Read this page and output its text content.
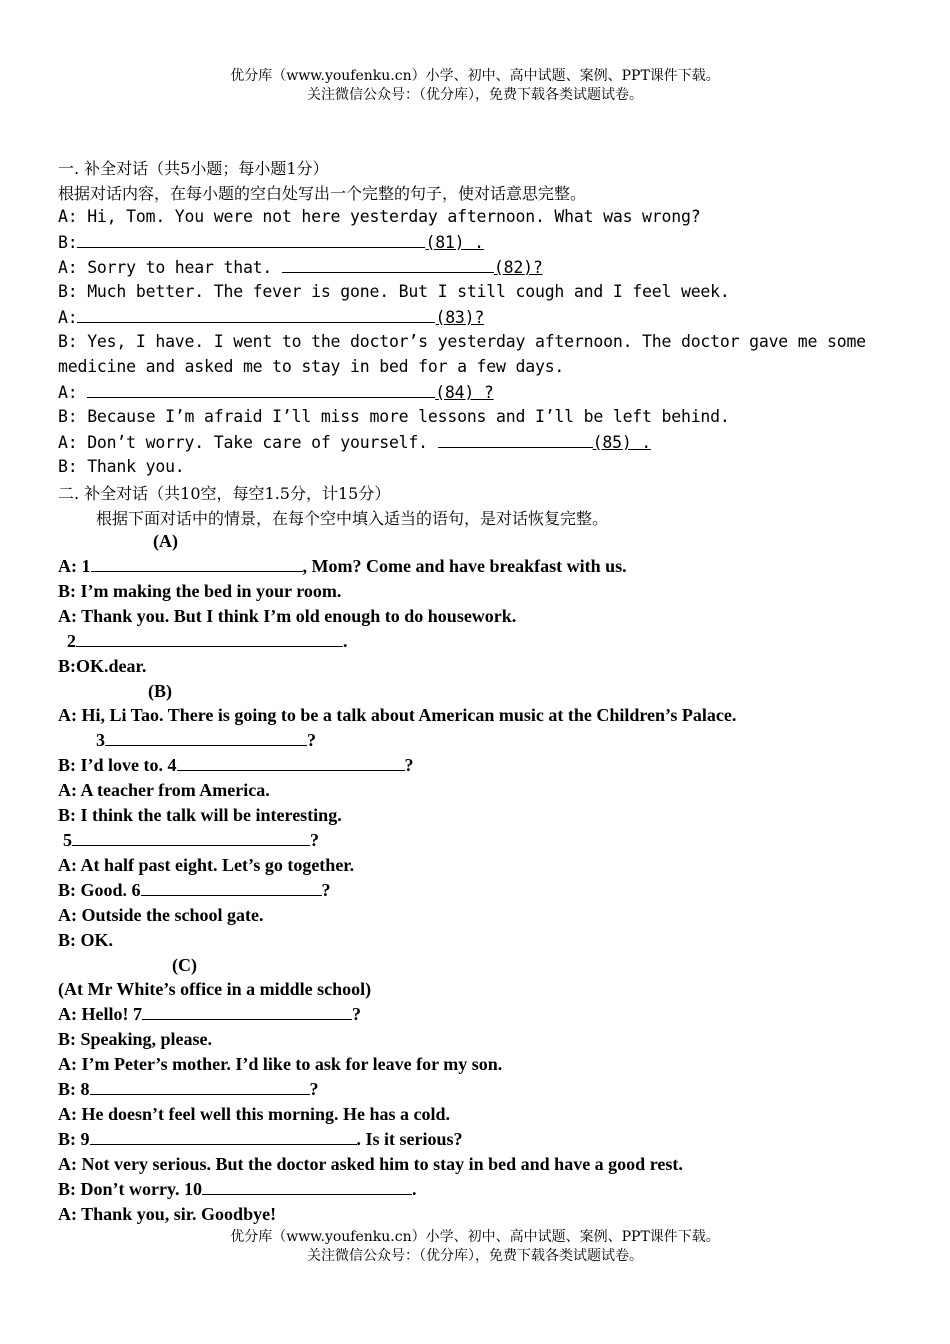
优分库（www.youfenku.cn）小学、初中、高中试题、案例、PPT课件下载。
关注微信公众号：（优分库），免费下载各类试题试卷。
一. 补全对话（共5小题；每小题1分）
根据对话内容，在每小题的空白处写出一个完整的句子，使对话意思完整。
A: Hi, Tom. You were not here yesterday afternoon. What was wrong?
B:	(81) .
A: Sorry to hear that.	(82)?
B: Much better. The fever is gone. But I still cough and I feel week.
A:	(83)?
B: Yes, I have. I went to the doctor’s yesterday afternoon. The doctor gave me some
medicine and asked me to stay in bed for a few days.
A:	(84) ?
B: Because I’m afraid I’ll miss more lessons and I’ll be left behind.
A: Don’t worry. Take care of yourself.	(85) .
B: Thank you.
二. 补全对话（共10空，每空1.5分，计15分）
根据下面对话中的情景，在每个空中填入适当的语句，是对话恢复完整。
(A)
A: 1	, Mom? Come and have breakfast with us.
B: I’m making the bed in your room.
A: Thank you. But I think I’m old enough to do housework.
2	.
B:OK.dear.
(B)
A: Hi, Li Tao. There is going to be a talk about American music at the Children’s Palace.
3	?
B: I’d love to. 4	?
A: A teacher from America.
B: I think the talk will be interesting.
5	?
A: At half past eight. Let’s go together.
B: Good. 6	?
A: Outside the school gate.
B: OK.
(C)
(At Mr White’s office in a middle school)
A: Hello! 7	?
B: Speaking, please.
A: I’m Peter’s mother. I’d like to ask for leave for my son.
B: 8	?
A: He doesn’t feel well this morning. He has a cold.
B: 9	. Is it serious?
A: Not very serious. But the doctor asked him to stay in bed and have a good rest.
B: Don’t worry. 10	.
A: Thank you, sir. Goodbye!
优分库（www.youfenku.cn）小学、初中、高中试题、案例、PPT课件下载。
关注微信公众号：（优分库），免费下载各类试题试卷。
